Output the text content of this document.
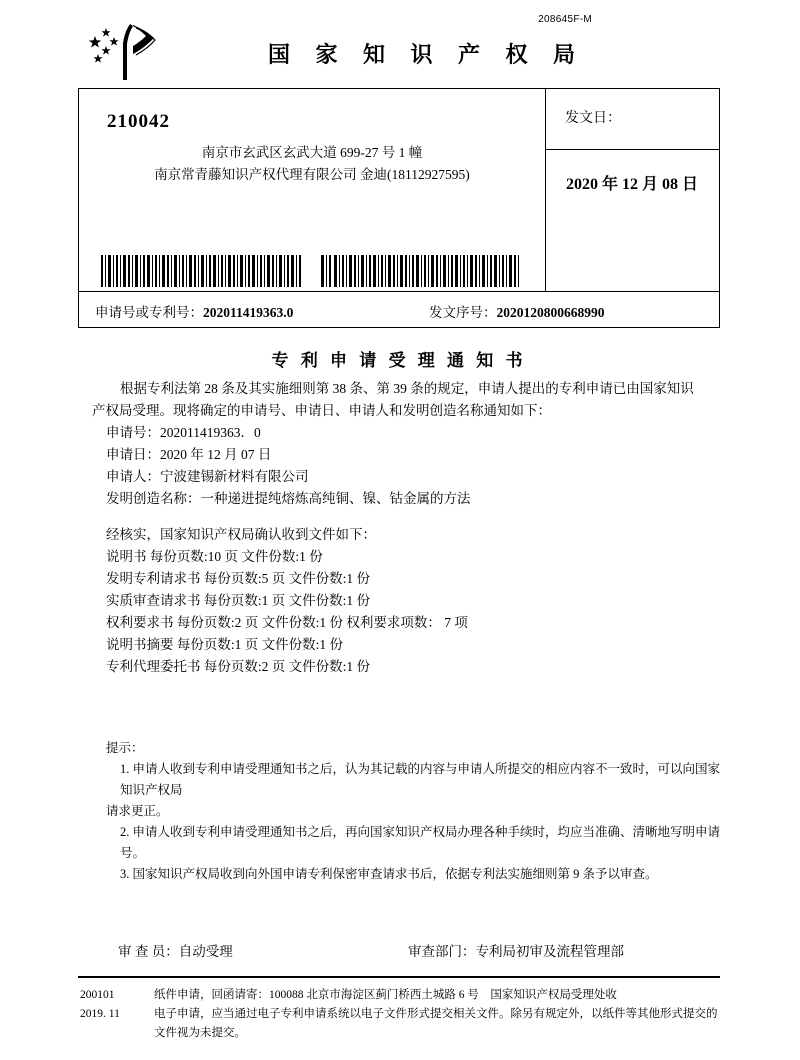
208645F-M
国 家 知 识 产 权 局
210042
南京市玄武区玄武大道 699-27 号 1 幢
南京常青藤知识产权代理有限公司 金迪(18112927595)
发文日：
2020 年 12 月 08 日
申请号或专利号：202011419363.0	发文序号：2020120800668990
专 利 申 请 受 理 通 知 书
根据专利法第 28 条及其实施细则第 38 条、第 39 条的规定，申请人提出的专利申请已由国家知识产权局受理。现将确定的申请号、申请日、申请人和发明创造名称通知如下：
申请号：202011419363．0
申请日：2020 年 12 月 07 日
申请人：宁波建锡新材料有限公司
发明创造名称：一种递进提纯熔炼高纯铜、镍、钴金属的方法
经核实，国家知识产权局确认收到文件如下：
说明书 每份页数:10 页 文件份数:1 份
发明专利请求书 每份页数:5 页 文件份数:1 份
实质审查请求书 每份页数:1 页 文件份数:1 份
权利要求书 每份页数:2 页 文件份数:1 份 权利要求项数： 7 项
说明书摘要 每份页数:1 页 文件份数:1 份
专利代理委托书 每份页数:2 页 文件份数:1 份
提示：
1. 申请人收到专利申请受理通知书之后，认为其记载的内容与申请人所提交的相应内容不一致时，可以向国家知识产权局
请求更正。
2. 申请人收到专利申请受理通知书之后，再向国家知识产权局办理各种手续时，均应当准确、清晰地写明申请号。
3. 国家知识产权局收到向外国申请专利保密审查请求书后，依据专利法实施细则第 9 条予以审查。
审 查 员：自动受理	审查部门：专利局初审及流程管理部
200101
2019. 11
纸件申请，回函请寄：100088 北京市海淀区蓟门桥西土城路 6 号　国家知识产权局受理处收
电子申请，应当通过电子专利申请系统以电子文件形式提交相关文件。除另有规定外，以纸件等其他形式提交的
文件视为未提交。
